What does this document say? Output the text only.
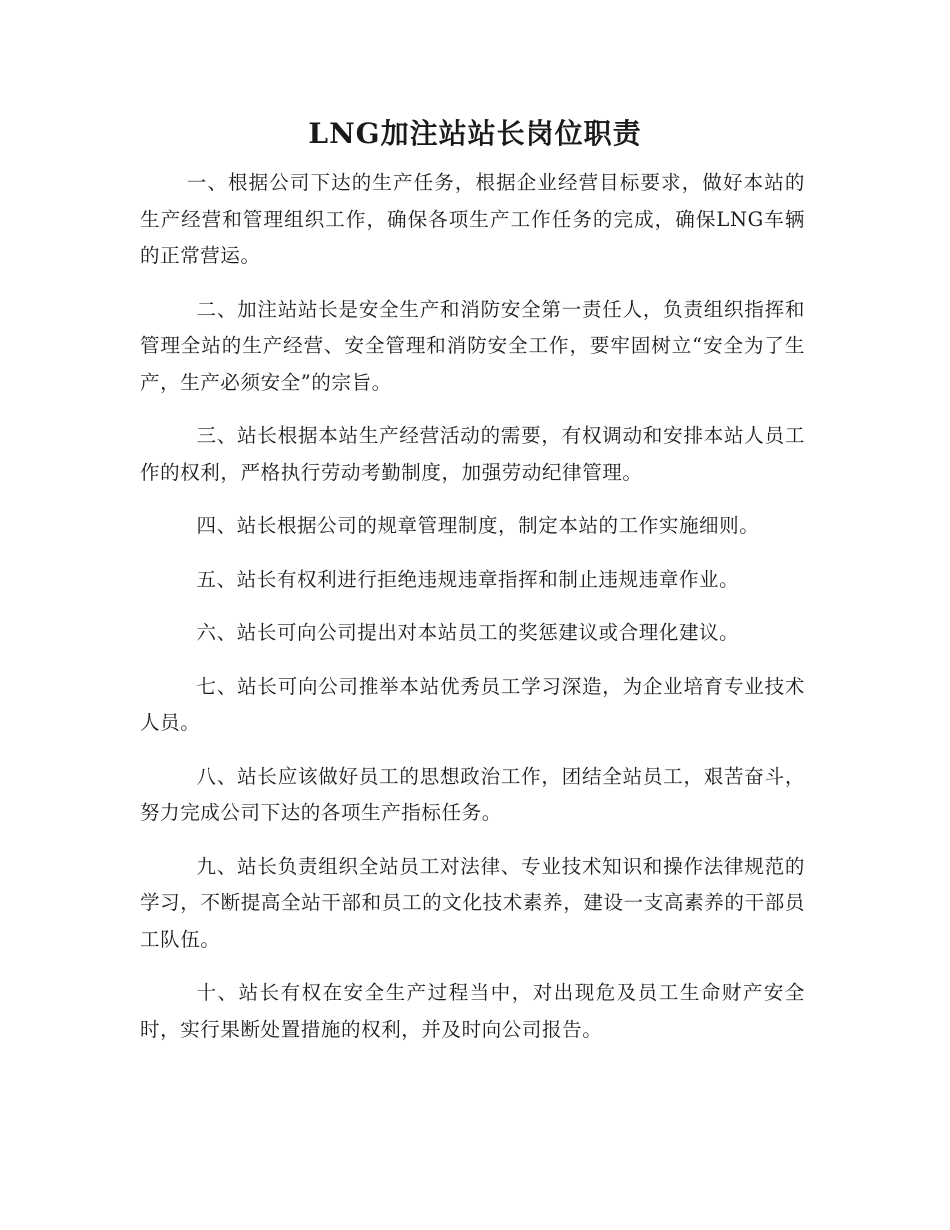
LNG加注站站长岗位职责

一、根据公司下达的生产任务，根据企业经营目标要求，做好本站的生产经营和管理组织工作，确保各项生产工作任务的完成，确保LNG车辆的正常营运。

二、加注站站长是安全生产和消防安全第一责任人，负责组织指挥和管理全站的生产经营、安全管理和消防安全工作，要牢固树立“安全为了生产，生产必须安全”的宗旨。

三、站长根据本站生产经营活动的需要，有权调动和安排本站人员工作的权利，严格执行劳动考勤制度，加强劳动纪律管理。

四、站长根据公司的规章管理制度，制定本站的工作实施细则。

五、站长有权利进行拒绝违规违章指挥和制止违规违章作业。

六、站长可向公司提出对本站员工的奖惩建议或合理化建议。

七、站长可向公司推举本站优秀员工学习深造，为企业培育专业技术人员。

八、站长应该做好员工的思想政治工作，团结全站员工，艰苦奋斗，努力完成公司下达的各项生产指标任务。

九、站长负责组织全站员工对法律、专业技术知识和操作法律规范的学习，不断提高全站干部和员工的文化技术素养，建设一支高素养的干部员工队伍。

十、站长有权在安全生产过程当中，对出现危及员工生命财产安全时，实行果断处置措施的权利，并及时向公司报告。
